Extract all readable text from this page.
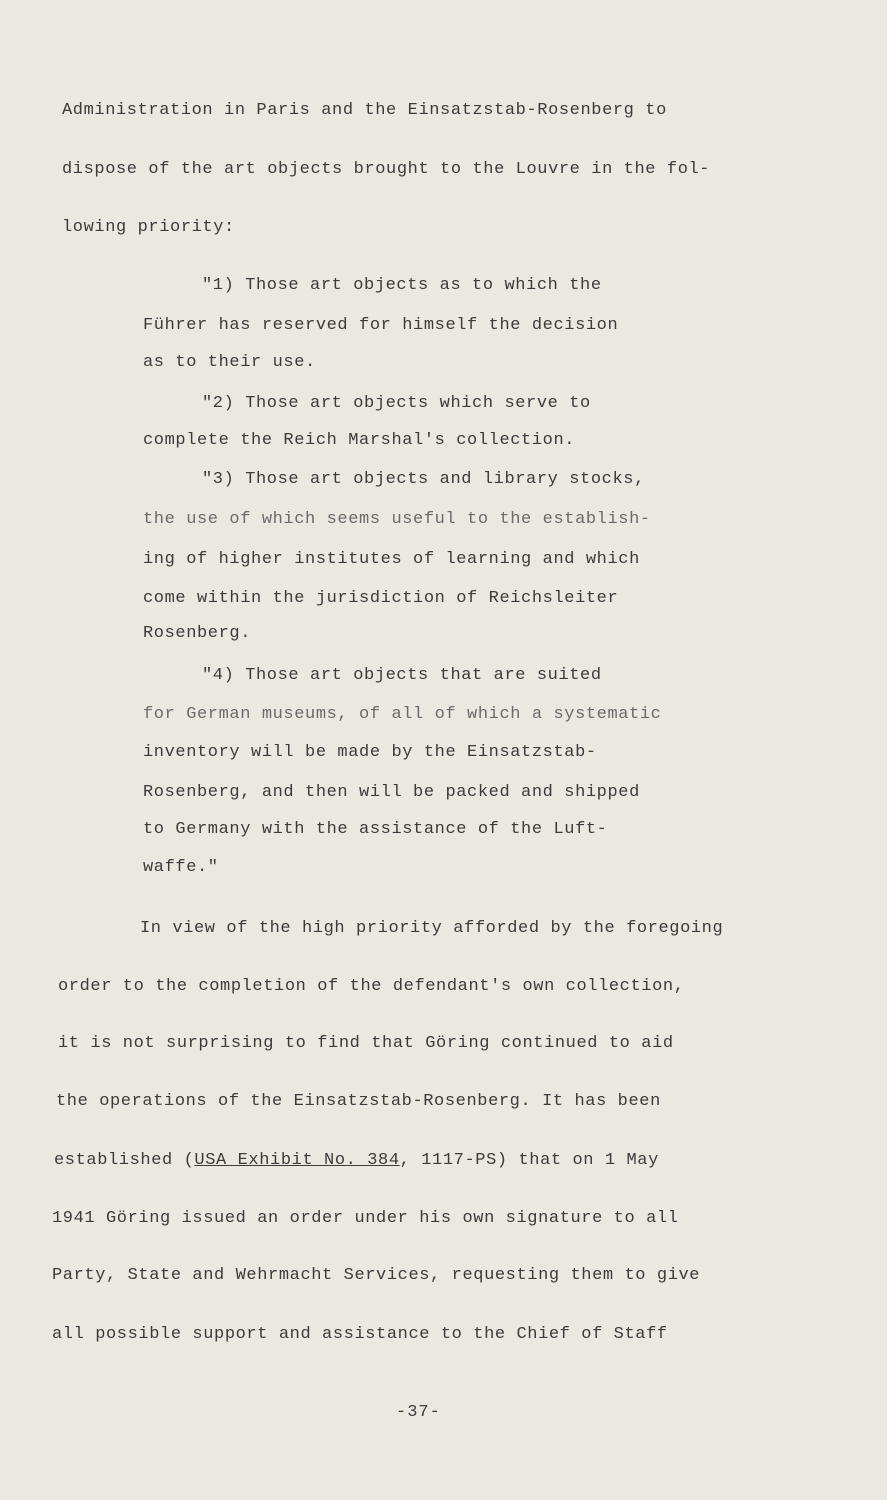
Administration in Paris and the Einsatzstab-Rosenberg to
dispose of the art objects brought to the Louvre in the fol-
lowing priority:
"1) Those art objects as to which the
Führer has reserved for himself the decision
as to their use.
"2) Those art objects which serve to
complete the Reich Marshal's collection.
"3) Those art objects and library stocks,
the use of which seems useful to the establish-
ing of higher institutes of learning and which
come within the jurisdiction of Reichsleiter
Rosenberg.
"4) Those art objects that are suited
for German museums, of all of which a systematic
inventory will be made by the Einsatzstab-
Rosenberg, and then will be packed and shipped
to Germany with the assistance of the Luft-
waffe."
In view of the high priority afforded by the foregoing
order to the completion of the defendant's own collection,
it is not surprising to find that Göring continued to aid
the operations of the Einsatzstab-Rosenberg. It has been
established (USA Exhibit No. 384, 1117-PS) that on 1 May
1941 Göring issued an order under his own signature to all
Party, State and Wehrmacht Services, requesting them to give
all possible support and assistance to the Chief of Staff
-37-
